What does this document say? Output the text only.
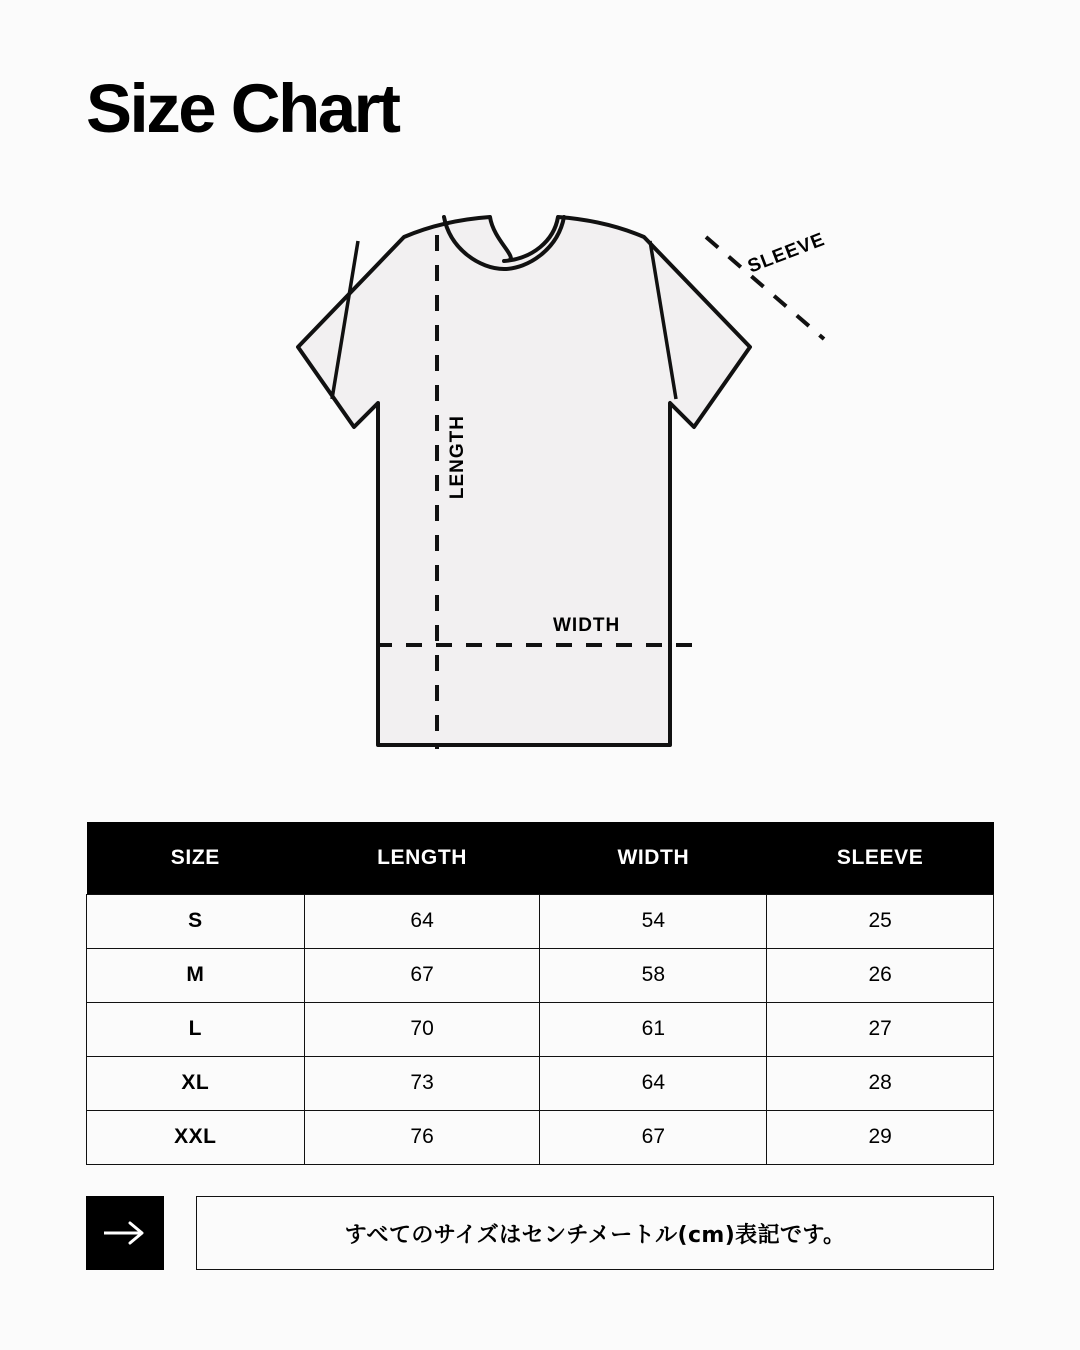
Size Chart
LENGTH
WIDTH
SLEEVE
SIZE	LENGTH	WIDTH	SLEEVE
S	64	54	25
M	67	58	26
L	70	61	27
XL	73	64	28
XXL	76	67	29
すべてのサイズはセンチメートル(cm)表記です。
